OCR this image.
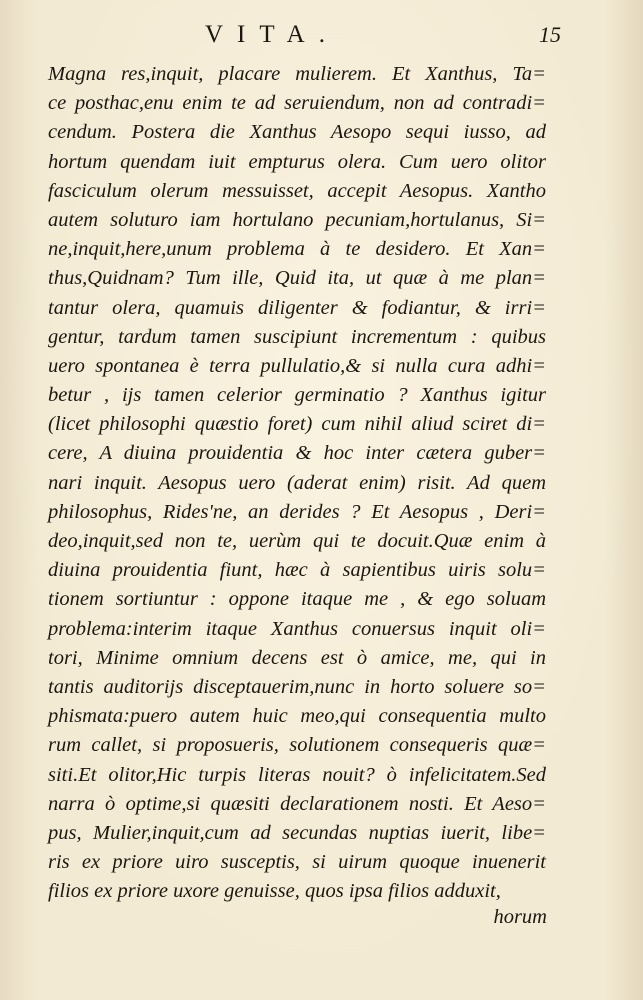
VITA.	15
Magna res,inquit, placare mulierem. Et Xanthus, Ta=
ce posthac,enu enim te ad seruiendum, non ad contradi=
cendum. Postera die Xanthus Aesopo sequi iusso, ad
hortum quendam iuit empturus olera. Cum uero olitor
fasciculum olerum messuisset, accepit Aesopus. Xantho
autem soluturo iam hortulano pecuniam,hortulanus, Si=
ne,inquit,here,unum problema à te desidero. Et Xan=
thus,Quidnam? Tum ille, Quid ita, ut quæ à me plan=
tantur olera, quamuis diligenter & fodiantur, & irri=
gentur, tardum tamen suscipiunt incrementum : quibus
uero spontanea è terra pullulatio,& si nulla cura adhi=
betur , ijs tamen celerior germinatio ? Xanthus igitur
(licet philosophi quæstio foret) cum nihil aliud sciret di=
cere, A diuina prouidentia & hoc inter cætera guber=
nari inquit. Aesopus uero (aderat enim) risit. Ad quem
philosophus, Rides'ne, an derides ? Et Aesopus , Deri=
deo,inquit,sed non te, uerùm qui te docuit.Quæ enim à
diuina prouidentia fiunt, hæc à sapientibus uiris solu=
tionem sortiuntur : oppone itaque me , & ego soluam
problema:interim itaque Xanthus conuersus inquit oli=
tori, Minime omnium decens est ò amice, me, qui in
tantis auditorijs disceptauerim,nunc in horto soluere so=
phismata:puero autem huic meo,qui consequentia multo
rum callet, si proposueris, solutionem consequeris quæ=
siti.Et olitor,Hic turpis literas nouit? ò infelicitatem.Sed
narra ò optime,si quæsiti declarationem nosti. Et Aeso=
pus, Mulier,inquit,cum ad secundas nuptias iuerit, libe=
ris ex priore uiro susceptis, si uirum quoque inuenerit
filios ex priore uxore genuisse, quos ipsa filios adduxit,
horum
